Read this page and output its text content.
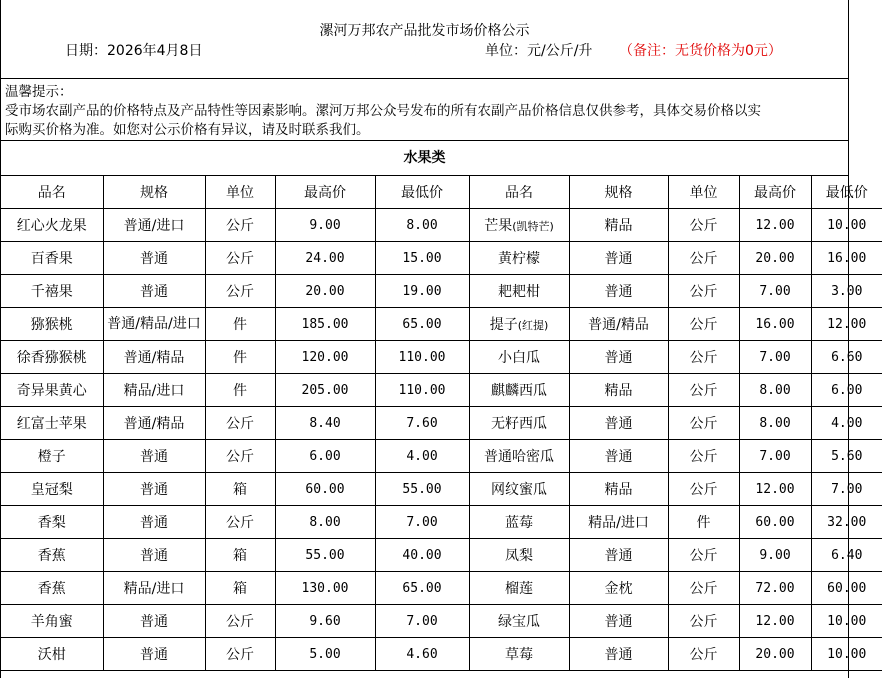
漯河万邦农产品批发市场价格公示
日期：2026年4月8日	单位：元/公斤/升 （备注：无货价格为0元）
温馨提示：
受市场农副产品的价格特点及产品特性等因素影响。漯河万邦公众号发布的所有农副产品价格信息仅供参考，具体交易价格以实
际购买价格为准。如您对公示价格有异议，请及时联系我们。
水果类
品名	规格	单位	最高价	最低价	品名	规格	单位	最高价	最低价
红心火龙果	普通/进口	公斤	9.00	8.00	芒果(凯特芒)	精品	公斤	12.00	10.00
百香果	普通	公斤	24.00	15.00	黄柠檬	普通	公斤	20.00	16.00
千禧果	普通	公斤	20.00	19.00	耙耙柑	普通	公斤	7.00	3.00
猕猴桃	普通/精品/进口	件	185.00	65.00	提子(红提)	普通/精品	公斤	16.00	12.00
徐香猕猴桃	普通/精品	件	120.00	110.00	小白瓜	普通	公斤	7.00	6.60
奇异果黄心	精品/进口	件	205.00	110.00	麒麟西瓜	精品	公斤	8.00	6.00
红富士苹果	普通/精品	公斤	8.40	7.60	无籽西瓜	普通	公斤	8.00	4.00
橙子	普通	公斤	6.00	4.00	普通哈密瓜	普通	公斤	7.00	5.60
皇冠梨	普通	箱	60.00	55.00	网纹蜜瓜	精品	公斤	12.00	7.00
香梨	普通	公斤	8.00	7.00	蓝莓	精品/进口	件	60.00	32.00
香蕉	普通	箱	55.00	40.00	凤梨	普通	公斤	9.00	6.40
香蕉	精品/进口	箱	130.00	65.00	榴莲	金枕	公斤	72.00	60.00
羊角蜜	普通	公斤	9.60	7.00	绿宝瓜	普通	公斤	12.00	10.00
沃柑	普通	公斤	5.00	4.60	草莓	普通	公斤	20.00	10.00
